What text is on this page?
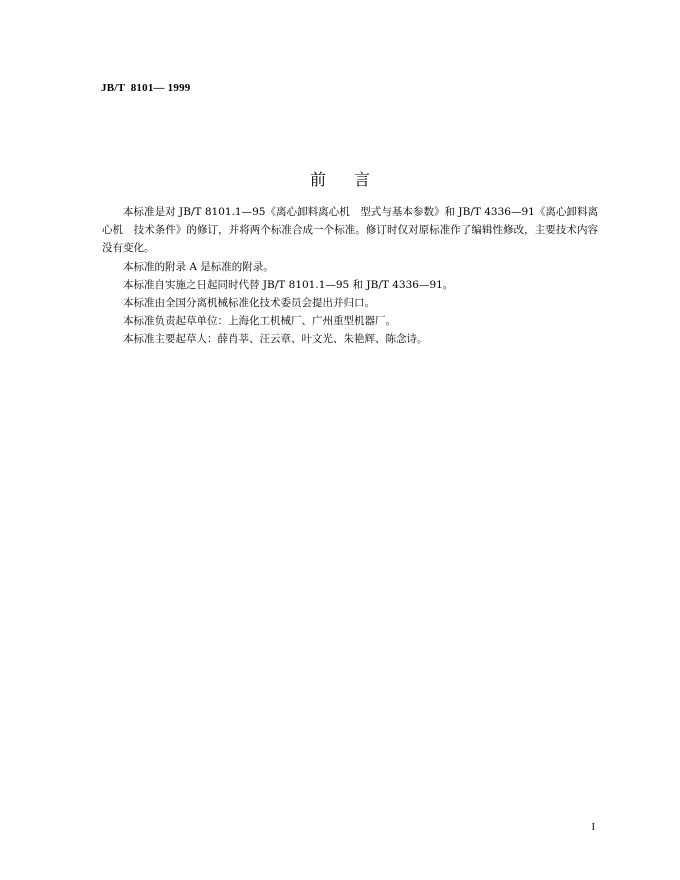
JB/T  8101— 1999
前言

本标准是对 JB/T 8101.1—95《离心卸料离心机　型式与基本参数》和 JB/T 4336—91《离心卸料离心机　技术条件》的修订，并将两个标准合成一个标准。修订时仅对原标准作了编辑性修改，主要技术内容没有变化。

本标准的附录 A 是标准的附录。

本标准自实施之日起同时代替 JB/T 8101.1—95 和 JB/T 4336—91。

本标准由全国分离机械标准化技术委员会提出并归口。

本标准负责起草单位：上海化工机械厂、广州重型机器厂。

本标准主要起草人：薛肖莘、汪云章、叶文光、朱艳辉、陈念诗。

I
